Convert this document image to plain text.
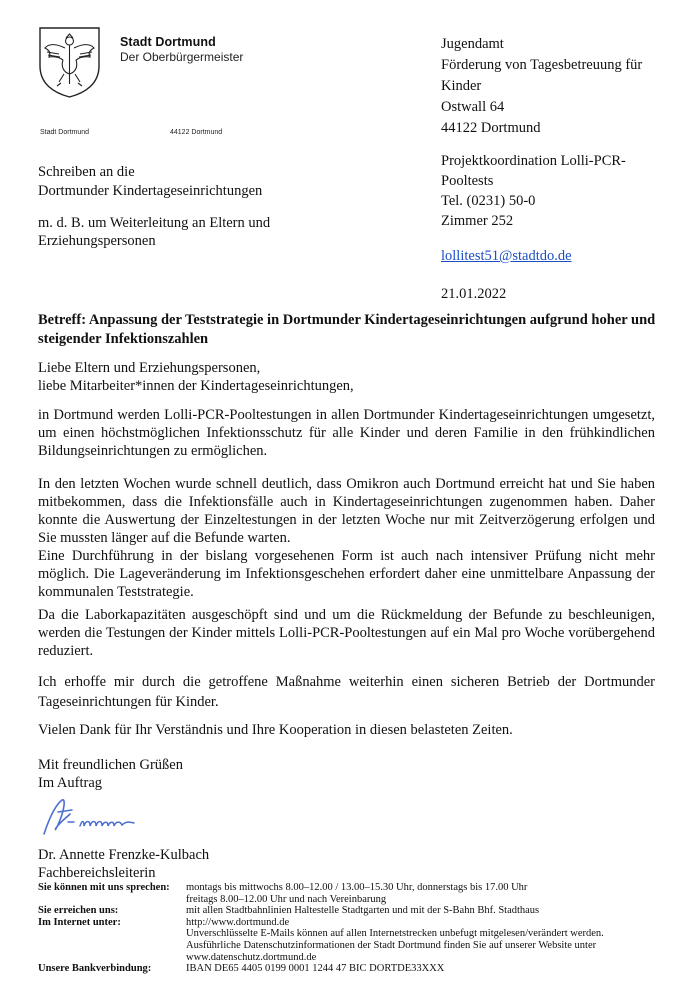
Stadt Dortmund
Der Oberbürgermeister
Stadt Dortmund	44122 Dortmund
Jugendamt
Förderung von Tagesbetreuung für
Kinder
Ostwall 64
44122 Dortmund
Projektkoordination Lolli-PCR-
Pooltests
Tel. (0231) 50-0
Zimmer 252
lollitest51@stadtdo.de
21.01.2022
Schreiben an die
Dortmunder Kindertageseinrichtungen
m. d. B. um Weiterleitung an Eltern und
Erziehungspersonen
Betreff: Anpassung der Teststrategie in Dortmunder Kindertageseinrichtungen aufgrund hoher und steigender Infektionszahlen
Liebe Eltern und Erziehungspersonen,
liebe Mitarbeiter*innen der Kindertageseinrichtungen,

in Dortmund werden Lolli-PCR-Pooltestungen in allen Dortmunder Kindertageseinrichtungen umgesetzt, um einen höchstmöglichen Infektionsschutz für alle Kinder und deren Familie in den frühkindlichen Bildungseinrichtungen zu ermöglichen.

In den letzten Wochen wurde schnell deutlich, dass Omikron auch Dortmund erreicht hat und Sie haben mitbekommen, dass die Infektionsfälle auch in Kindertageseinrichtungen zugenommen haben. Daher konnte die Auswertung der Einzeltestungen in der letzten Woche nur mit Zeitverzögerung erfolgen und Sie mussten länger auf die Befunde warten.

Eine Durchführung in der bislang vorgesehenen Form ist auch nach intensiver Prüfung nicht mehr möglich. Die Lageveränderung im Infektionsgeschehen erfordert daher eine unmittelbare Anpassung der kommunalen Teststrategie.

Da die Laborkapazitäten ausgeschöpft sind und um die Rückmeldung der Befunde zu beschleunigen, werden die Testungen der Kinder mittels Lolli-PCR-Pooltestungen auf ein Mal pro Woche vorübergehend reduziert.

Ich erhoffe mir durch die getroffene Maßnahme weiterhin einen sicheren Betrieb der Dortmunder Tageseinrichtungen für Kinder.

Vielen Dank für Ihr Verständnis und Ihre Kooperation in diesen belasteten Zeiten.

Mit freundlichen Grüßen
Im Auftrag
Dr. Annette Frenzke-Kulbach
Fachbereichsleiterin
Sie können mit uns sprechen:	montags bis mittwochs 8.00–12.00 / 13.00–15.30 Uhr, donnerstags bis 17.00 Uhr
freitags 8.00–12.00 Uhr und nach Vereinbarung
Sie erreichen uns:	mit allen Stadtbahnlinien Haltestelle Stadtgarten und mit der S-Bahn Bhf. Stadthaus
Im Internet unter:	http://www.dortmund.de
Unverschlüsselte E-Mails können auf allen Internetstrecken unbefugt mitgelesen/verändert werden.
Ausführliche Datenschutzinformationen der Stadt Dortmund finden Sie auf unserer Website unter
www.datenschutz.dortmund.de
Unsere Bankverbindung:	IBAN DE65 4405 0199 0001 1244 47 BIC DORTDE33XXX
